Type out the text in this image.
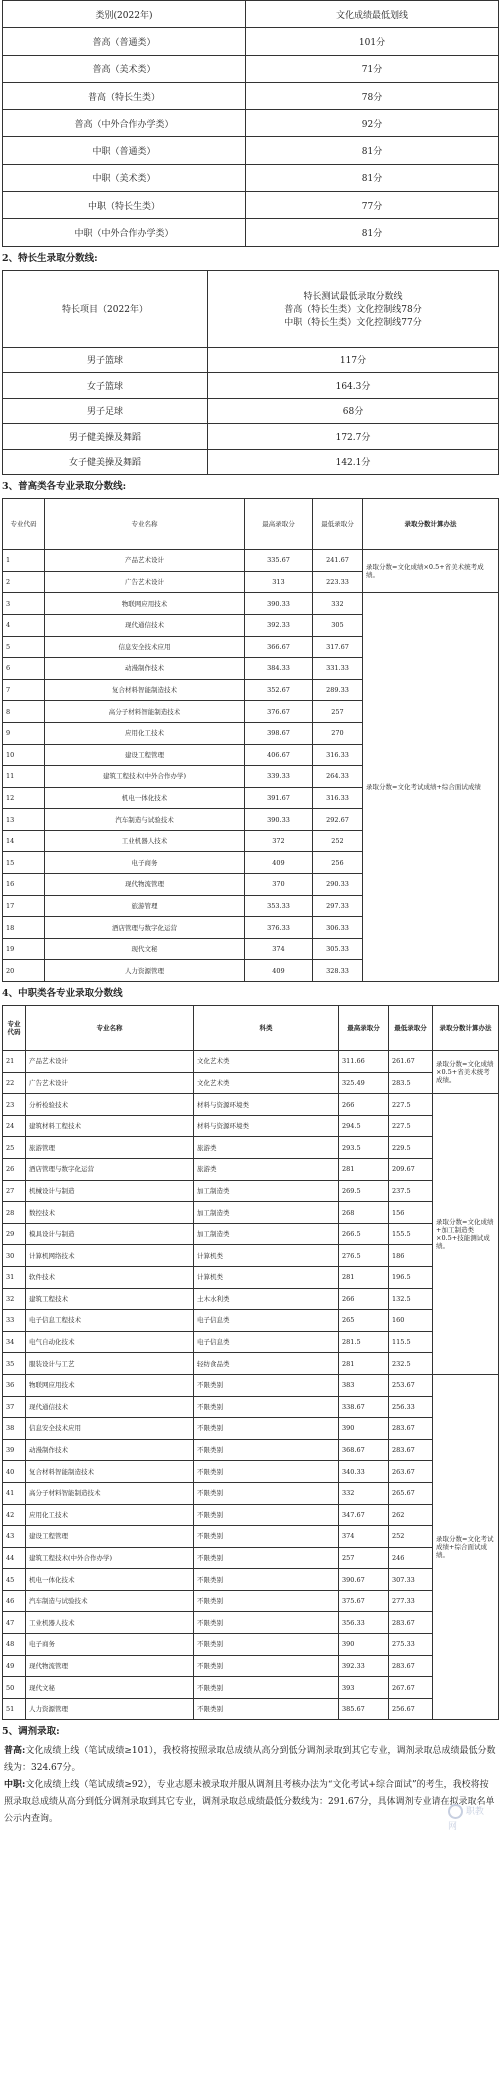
类别(2022年)	文化成绩最低划线
普高（普通类）	101分
普高（美术类）	71分
普高（特长生类）	78分
普高（中外合作办学类）	92分
中职（普通类）	81分
中职（美术类）	81分
中职（特长生类）	77分
中职（中外合作办学类）	81分
2、特长生录取分数线:
特长项目（2022年）	特长测试最低录取分数线
普高（特长生类）文化控制线78分
中职（特长生类）文化控制线77分

男子篮球	117分
女子篮球	164.3分
男子足球	68分
男子健美操及舞蹈	172.7分
女子健美操及舞蹈	142.1分
3、普高类各专业录取分数线:
专业代码	专业名称	最高录取分	最低录取分	录取分数计算办法
1	产品艺术设计	335.67	241.67	录取分数=文化成绩×0.5+省美术统考成绩。
2	广告艺术设计	313	223.33	
3	物联网应用技术	390.33	332	录取分数=文化考试成绩+综合面试成绩
4	现代通信技术	392.33	305	
5	信息安全技术应用	366.67	317.67	
6	动漫制作技术	384.33	331.33	
7	复合材料智能制造技术	352.67	289.33	
8	高分子材料智能制造技术	376.67	257	
9	应用化工技术	398.67	270	
10	建设工程管理	406.67	316.33	
11	建筑工程技术(中外合作办学)	339.33	264.33	
12	机电一体化技术	391.67	316.33	
13	汽车制造与试验技术	390.33	292.67	
14	工业机器人技术	372	252	
15	电子商务	409	256	
16	现代物流管理	370	290.33	
17	旅游管理	353.33	297.33	
18	酒店管理与数字化运营	376.33	306.33	
19	现代文秘	374	305.33	
20	人力资源管理	409	328.33	
4、中职类各专业录取分数线
专业代码	专业名称	科类	最高录取分	最低录取分	录取分数计算办法
21	产品艺术设计	文化艺术类	311.66	261.67	录取分数=文化成绩×0.5+省美术统考成绩。
22	广告艺术设计	文化艺术类	325.49	283.5	
23	分析检验技术	材料与资源环境类	266	227.5	录取分数=文化成绩+加工制造类×0.5+技能测试成绩。
24	建筑材料工程技术	材料与资源环境类	294.5	227.5	
25	旅游管理	旅游类	293.5	229.5	
26	酒店管理与数字化运营	旅游类	281	209.67	
27	机械设计与制造	加工制造类	269.5	237.5	
28	数控技术	加工制造类	268	156	
29	模具设计与制造	加工制造类	266.5	155.5	
30	计算机网络技术	计算机类	276.5	186	
31	软件技术	计算机类	281	196.5	
32	建筑工程技术	土木水利类	266	132.5	
33	电子信息工程技术	电子信息类	265	160	
34	电气自动化技术	电子信息类	281.5	115.5	
35	服装设计与工艺	轻纺食品类	281	232.5	
36	物联网应用技术	不限类别	383	253.67	录取分数=文化考试成绩+综合面试成绩。
37	现代通信技术	不限类别	338.67	256.33	
38	信息安全技术应用	不限类别	390	283.67	
39	动漫制作技术	不限类别	368.67	283.67	
40	复合材料智能制造技术	不限类别	340.33	263.67	
41	高分子材料智能制造技术	不限类别	332	265.67	
42	应用化工技术	不限类别	347.67	262	
43	建设工程管理	不限类别	374	252	
44	建筑工程技术(中外合作办学)	不限类别	257	246	
45	机电一体化技术	不限类别	390.67	307.33	
46	汽车制造与试验技术	不限类别	375.67	277.33	
47	工业机器人技术	不限类别	356.33	283.67	
48	电子商务	不限类别	390	275.33	
49	现代物流管理	不限类别	392.33	283.67	
50	现代文秘	不限类别	393	267.67	
51	人力资源管理	不限类别	385.67	256.67	
5、调剂录取:
普高:文化成绩上线（笔试成绩≥101），我校将按照录取总成绩从高分到低分调剂录取到其它专业，调剂录取总成绩最低分数线为：324.67分。
中职:文化成绩上线（笔试成绩≥92），专业志愿未被录取并服从调剂且考核办法为“文化考试+综合面试”的考生，我校将按照录取总成绩从高分到低分调剂录取到其它专业，调剂录取总成绩最低分数线为：291.67分，具体调剂专业请在拟录取名单公示内查询。
职教网
